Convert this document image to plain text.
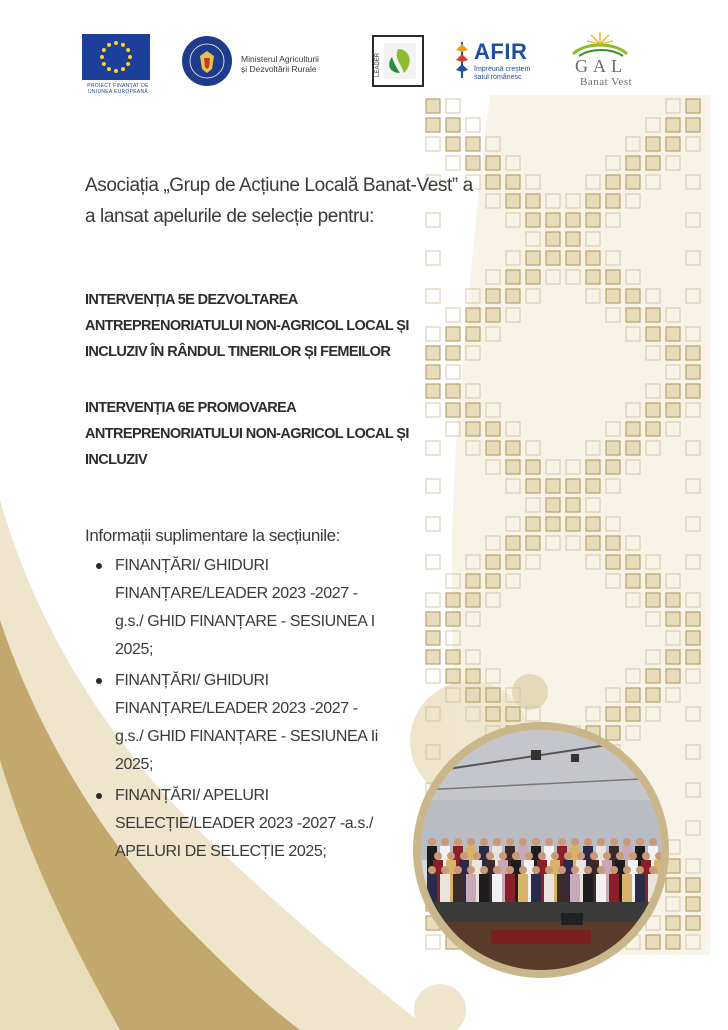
PROIECT FINANȚAT DE UNIUNEA EUROPEANĂ
Ministerul Agriculturii
și Dezvoltării Rurale	LEADER
AFIR
împreună creștem
satul românesc
GAL
Banat Vest
Asociația „Grup de Acțiune Locală Banat-Vest” a
a lansat apelurile de selecție pentru:
INTERVENȚIA 5E DEZVOLTAREA
ANTREPRENORIATULUI NON-AGRICOL LOCAL ȘI
INCLUZIV ÎN RÂNDUL TINERILOR ȘI FEMEILOR
INTERVENȚIA 6E PROMOVAREA
ANTREPRENORIATULUI NON-AGRICOL LOCAL ȘI
INCLUZIV
Informații suplimentare la secțiunile:
FINANȚĂRI/ GHIDURI
FINANȚARE/LEADER 2023 -2027 -
g.s./ GHID FINANȚARE - SESIUNEA I
2025;
FINANȚĂRI/ GHIDURI
FINANȚARE/LEADER 2023 -2027 -
g.s./ GHID FINANȚARE - SESIUNEA Ii
2025;
FINANȚĂRI/ APELURI
SELECȚIE/LEADER 2023 -2027 -a.s./
APELURI DE SELECȚIE 2025;
